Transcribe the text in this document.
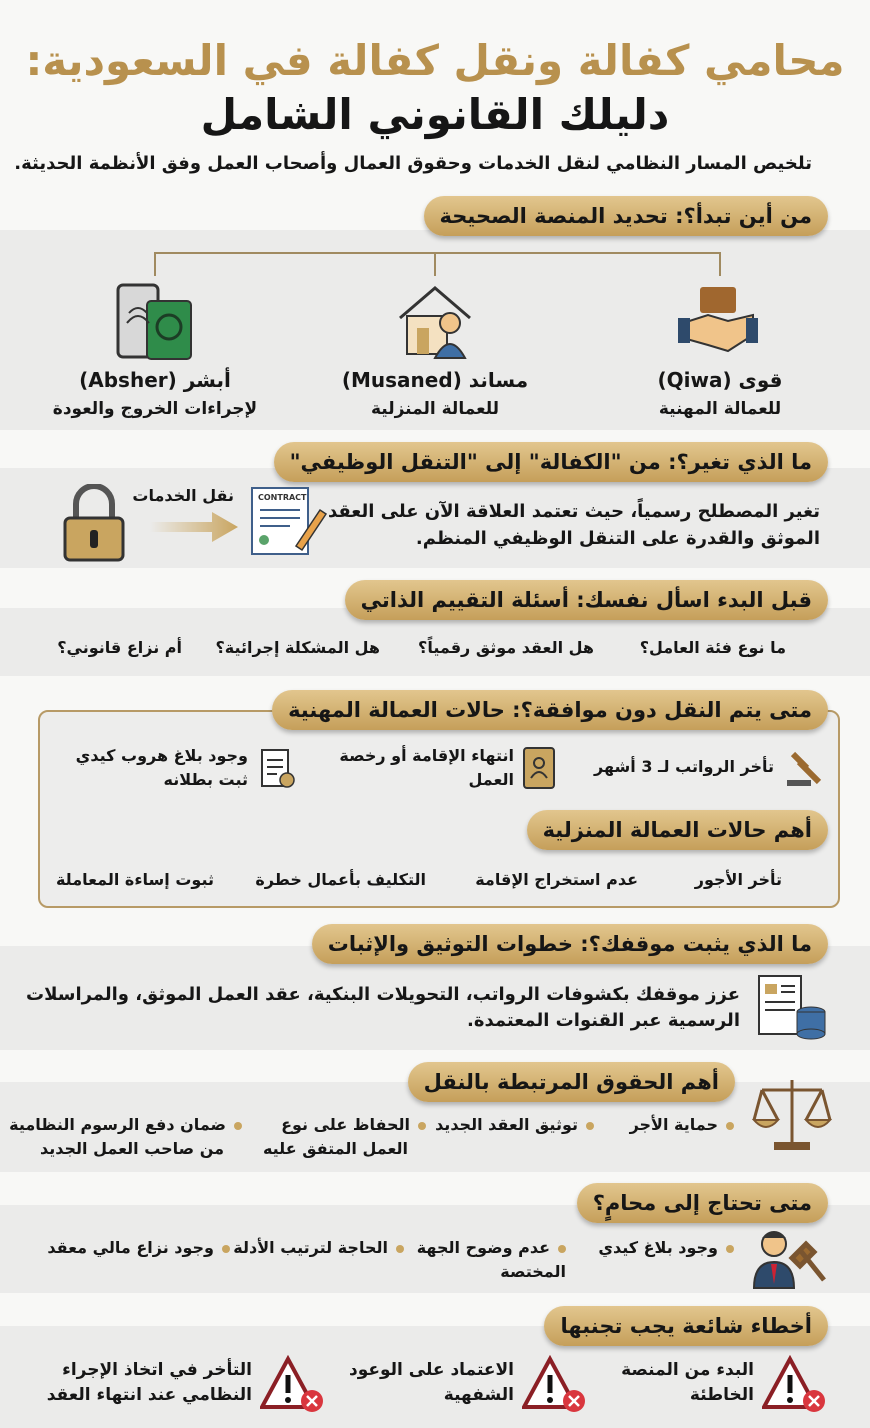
محامي كفالة ونقل كفالة في السعودية:
دليلك القانوني الشامل
تلخيص المسار النظامي لنقل الخدمات وحقوق العمال وأصحاب العمل وفق الأنظمة الحديثة.
من أين تبدأ؟: تحديد المنصة الصحيحة
قوى (Qiwa)
للعمالة المهنية
مساند (Musaned)
للعمالة المنزلية
أبشر (Absher)
لإجراءات الخروج والعودة
ما الذي تغير؟: من "الكفالة" إلى "التنقل الوظيفي"
نقل الخدمات	CONTRACT
تغير المصطلح رسمياً، حيث تعتمد العلاقة الآن على العقد
الموثق والقدرة على التنقل الوظيفي المنظم.
قبل البدء اسأل نفسك: أسئلة التقييم الذاتي
ما نوع فئة العامل؟
هل العقد موثق رقمياً؟
هل المشكلة إجرائية؟
أم نزاع قانوني؟
متى يتم النقل دون موافقة؟: حالات العمالة المهنية
تأخر الرواتب لـ 3 أشهر
انتهاء الإقامة أو رخصة
العمل
وجود بلاغ هروب كيدي
ثبت بطلانه
أهم حالات العمالة المنزلية
تأخر الأجور
عدم استخراج الإقامة
التكليف بأعمال خطرة
ثبوت إساءة المعاملة
ما الذي يثبت موقفك؟: خطوات التوثيق والإثبات
عزز موقفك بكشوفات الرواتب، التحويلات البنكية، عقد العمل الموثق، والمراسلات
الرسمية عبر القنوات المعتمدة.
أهم الحقوق المرتبطة بالنقل
حماية الأجر
توثيق العقد الجديد
الحفاظ على نوع
العمل المتفق عليه
ضمان دفع الرسوم النظامية
من صاحب العمل الجديد
متى تحتاج إلى محامٍ؟
وجود بلاغ كيدي
عدم وضوح الجهة
المختصة
الحاجة لترتيب الأدلة
وجود نزاع مالي معقد
أخطاء شائعة يجب تجنبها
البدء من المنصة
الخاطئة
الاعتماد على الوعود
الشفهية
التأخر في اتخاذ الإجراء
النظامي عند انتهاء العقد
